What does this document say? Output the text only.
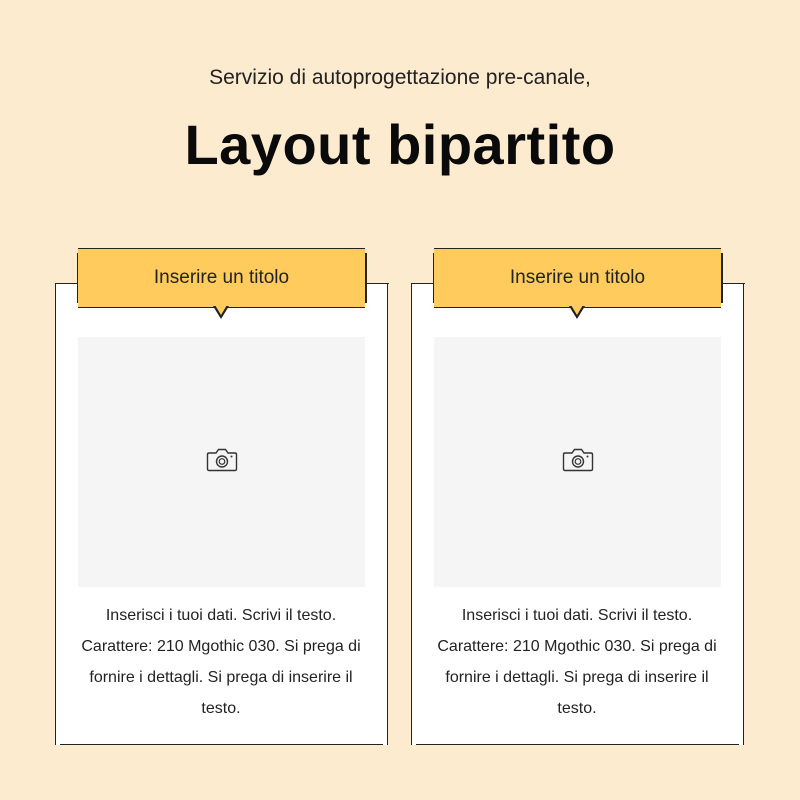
Servizio di autoprogettazione pre-canale,
Layout bipartito
Inserire un titolo
Inserisci i tuoi dati. Scrivi il testo. Carattere: 210 Mgothic 030. Si prega di fornire i dettagli. Si prega di inserire il testo.
Inserire un titolo
Inserisci i tuoi dati. Scrivi il testo. Carattere: 210 Mgothic 030. Si prega di fornire i dettagli. Si prega di inserire il testo.
